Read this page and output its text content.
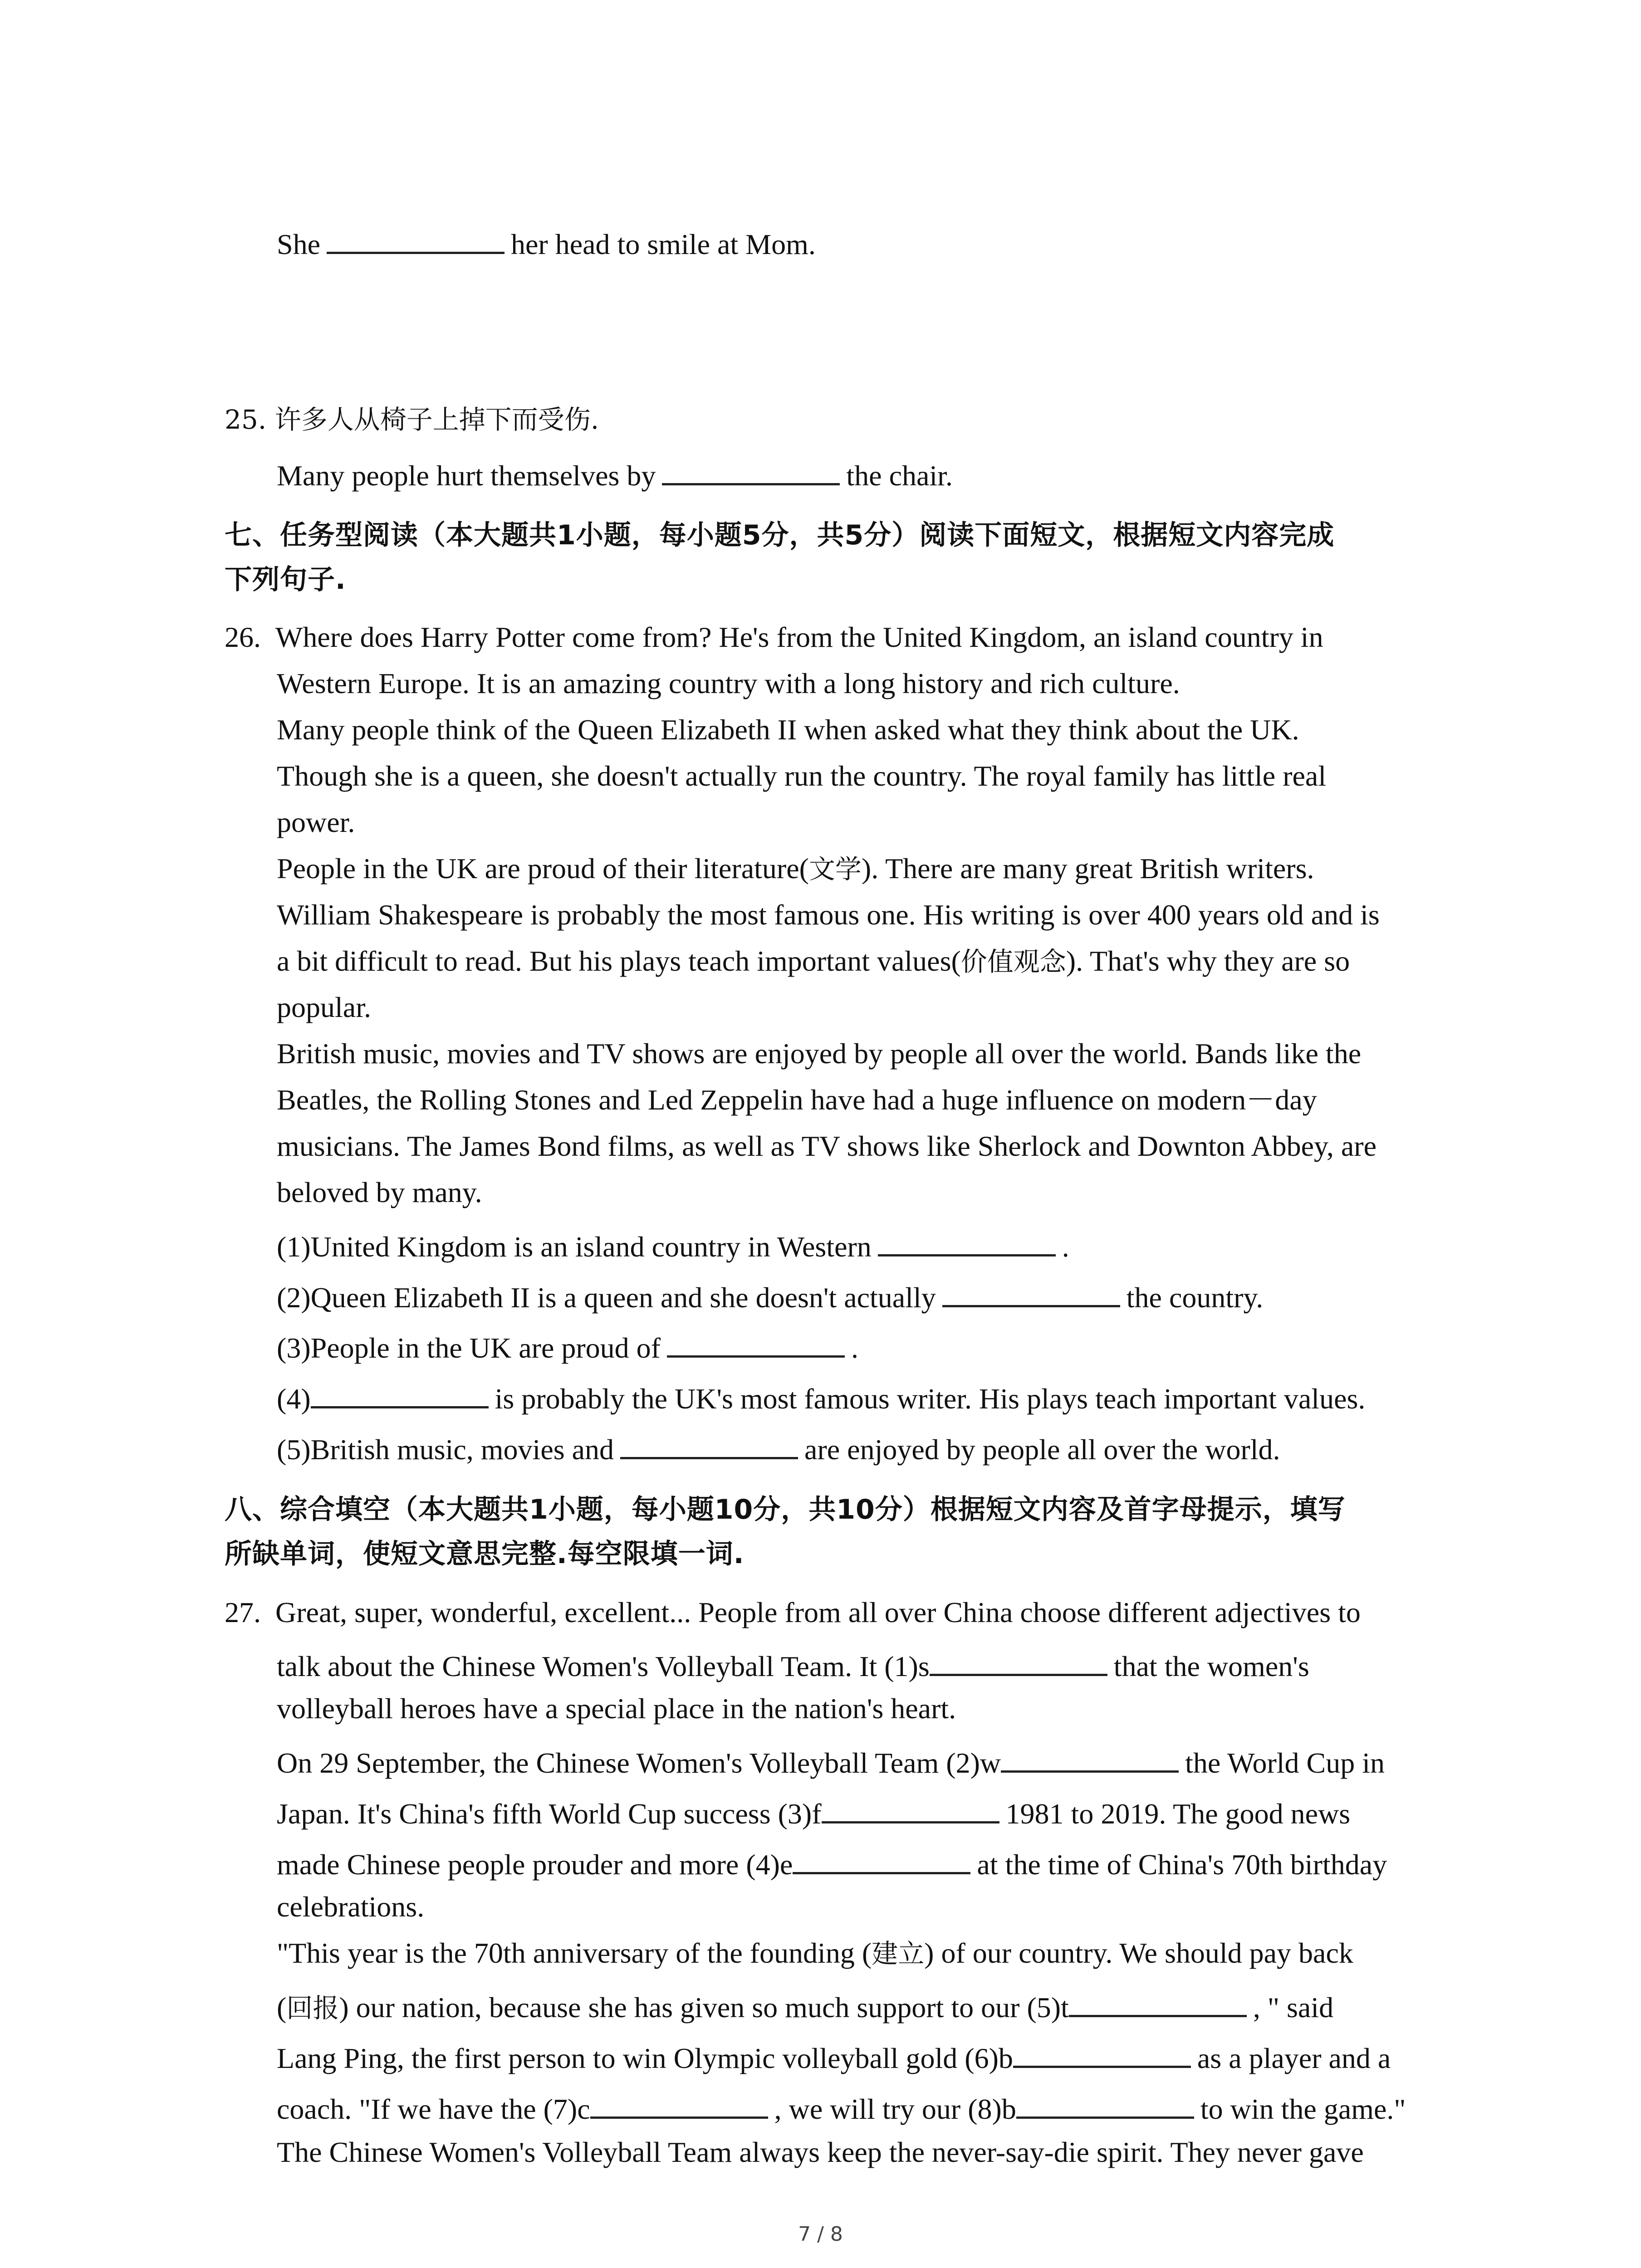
She	her head to smile at Mom.
25. 许多人从椅子上掉下而受伤.
Many people hurt themselves by	the chair.
七、任务型阅读（本大题共1小题，每小题5分，共5分）阅读下面短文，根据短文内容完成
下列句子.
26. Where does Harry Potter come from? He's from the United Kingdom, an island country in
Western Europe. It is an amazing country with a long history and rich culture.
Many people think of the Queen Elizabeth II when asked what they think about the UK.
Though she is a queen, she doesn't actually run the country. The royal family has little real
power.
People in the UK are proud of their literature(文学). There are many great British writers.
William Shakespeare is probably the most famous one. His writing is over 400 years old and is
a bit difficult to read. But his plays teach important values(价值观念). That's why they are so
popular.
British music, movies and TV shows are enjoyed by people all over the world. Bands like the
Beatles, the Rolling Stones and Led Zeppelin have had a huge influence on modern－day
musicians. The James Bond films, as well as TV shows like Sherlock and Downton Abbey, are
beloved by many.
(1)United Kingdom is an island country in Western	.
(2)Queen Elizabeth II is a queen and she doesn't actually	the country.
(3)People in the UK are proud of	.
(4)	is probably the UK's most famous writer. His plays teach important values.
(5)British music, movies and	are enjoyed by people all over the world.
八、综合填空（本大题共1小题，每小题10分，共10分）根据短文内容及首字母提示，填写
所缺单词，使短文意思完整.每空限填一词.
27. Great, super, wonderful, excellent... People from all over China choose different adjectives to
talk about the Chinese Women's Volleyball Team. It (1)s	that the women's
volleyball heroes have a special place in the nation's heart.
On 29 September, the Chinese Women's Volleyball Team (2)w	the World Cup in
Japan. It's China's fifth World Cup success (3)f	1981 to 2019. The good news
made Chinese people prouder and more (4)e	at the time of China's 70th birthday
celebrations.
"This year is the 70th anniversary of the founding (建立) of our country. We should pay back
(回报) our nation, because she has given so much support to our (5)t	, " said
Lang Ping, the first person to win Olympic volleyball gold (6)b	as a player and a
coach. "If we have the (7)c	, we will try our (8)b	to win the game."
The Chinese Women's Volleyball Team always keep the never-say-die spirit. They never gave
7 / 8
